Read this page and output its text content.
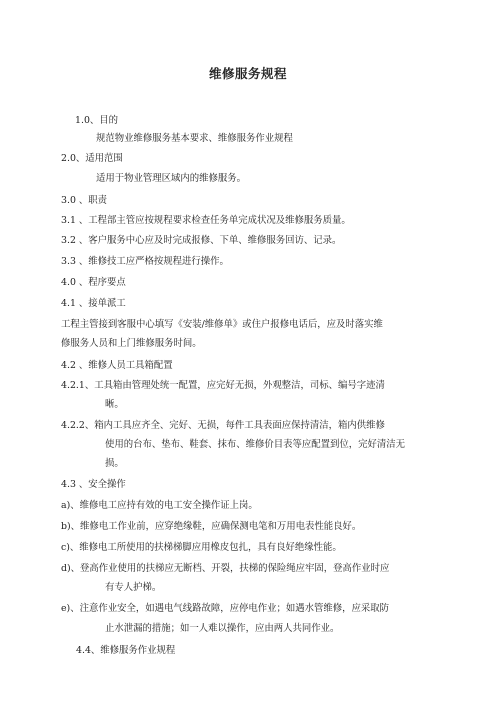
维修服务规程
1.0、目的
规范物业维修服务基本要求、维修服务作业规程
2.0、适用范围
适用于物业管理区域内的维修服务。
3.0 、职责
3.1 、工程部主管应按规程要求检查任务单完成状况及维修服务质量。
3.2 、客户服务中心应及时完成报修、下单、维修服务回访、记录。
3.3 、维修技工应严格按规程进行操作。
4.0 、程序要点
4.1 、接单派工
工程主管接到客服中心填写《安装/维修单》或住户报修电话后，应及时落实维
修服务人员和上门维修服务时间。
4.2 、维修人员工具箱配置
4.2.1、工具箱由管理处统一配置，应完好无损，外观整洁，司标、编号字迹清
晰。
4.2.2、箱内工具应齐全、完好、无损，每件工具表面应保持清洁，箱内供维修
使用的台布、垫布、鞋套、抹布、维修价目表等应配置到位，完好清洁无
损。
4.3 、安全操作
a)、维修电工应持有效的电工安全操作证上岗。
b)、维修电工作业前，应穿绝缘鞋，应确保测电笔和万用电表性能良好。
c)、维修电工所使用的扶梯梯脚应用橡皮包扎，具有良好绝缘性能。
d)、登高作业使用的扶梯应无断档、开裂，扶梯的保险绳应牢固，登高作业时应
有专人护梯。
e)、注意作业安全，如遇电气线路故障，应停电作业；如遇水管维修，应采取防
止水泄漏的措施；如一人难以操作，应由两人共同作业。
4.4、维修服务作业规程
